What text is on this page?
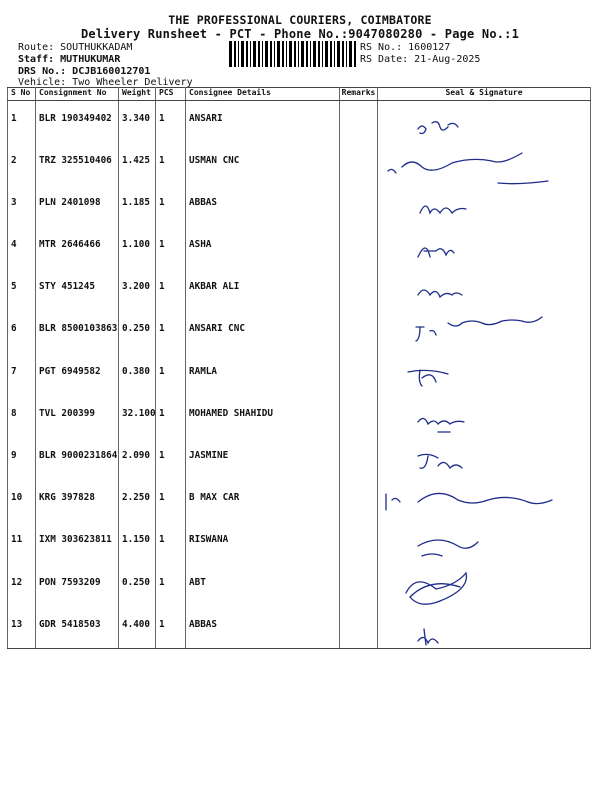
THE PROFESSIONAL COURIERS, COIMBATORE
Delivery Runsheet - PCT - Phone No.:9047080280 - Page No.:1
Route: SOUTHUKKADAM
Staff: MUTHUKUMAR
DRS No.: DCJB160012701
Vehicle: Two Wheeler Delivery
RS No.: 1600127
RS Date: 21-Aug-2025
S No	Consignment No	Weight	PCS	Consignee Details	Remarks	Seal & Signature
1	BLR 190349402	3.340	1	ANSARI		

2	TRZ 325510406	1.425	1	USMAN CNC		

3	PLN 2401098	1.185	1	ABBAS		

4	MTR 2646466	1.100	1	ASHA		

5	STY 451245	3.200	1	AKBAR ALI		

6	BLR 8500103863	0.250	1	ANSARI CNC		

7	PGT 6949582	0.380	1	RAMLA		

8	TVL 200399	32.100	1	MOHAMED SHAHIDU		

9	BLR 9000231864	2.090	1	JASMINE		

10	KRG 397828	2.250	1	B MAX CAR		

11	IXM 303623811	1.150	1	RISWANA		

12	PON 7593209	0.250	1	ABT		

13	GDR 5418503	4.400	1	ABBAS		
